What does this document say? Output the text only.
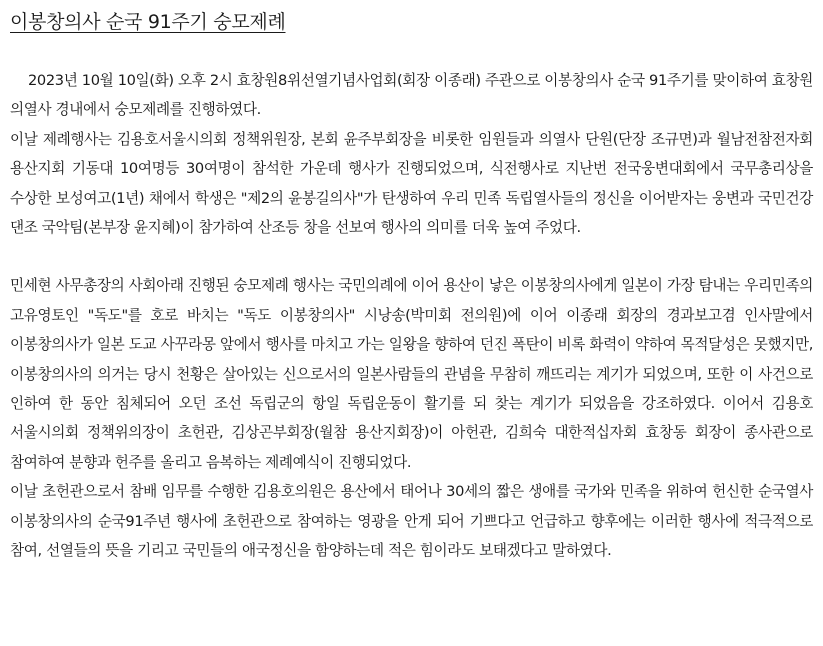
이봉창의사 순국 91주기 숭모제례

2023년 10월 10일(화) 오후 2시 효창원8위선열기념사업회(회장 이종래) 주관으로 이봉창의사 순국 91주기를 맞이하여 효창원 의열사 경내에서 숭모제례를 진행하였다.

이날 제례행사는 김용호서울시의회 정책위원장, 본회 윤주부회장을 비롯한 임원들과 의열사 단원(단장 조규면)과 월남전참전자회 용산지회 기동대 10여명등 30여명이 참석한 가운데 행사가 진행되었으며, 식전행사로 지난번 전국웅변대회에서 국무총리상을 수상한 보성여고(1년) 채에서 학생은 "제2의 윤봉길의사"가 탄생하여 우리 민족 독립열사들의 정신을 이어받자는 웅변과 국민건강 댄조 국악팀(본부장 윤지혜)이 참가하여 산조등 창을 선보여 행사의 의미를 더욱 높여 주었다.

민세현 사무총장의 사회아래 진행된 숭모제례 행사는 국민의례에 이어 용산이 낳은 이봉창의사에게 일본이 가장 탐내는 우리민족의 고유영토인 "독도"를 호로 바치는 "독도 이봉창의사" 시낭송(박미회 전의원)에 이어 이종래 회장의 경과보고겸 인사말에서 이봉창의사가 일본 도교 사꾸라몽 앞에서 행사를 마치고 가는 일왕을 향하여 던진 폭탄이 비록 화력이 약하여 목적달성은 못했지만, 이봉창의사의 의거는 당시 천황은 살아있는 신으로서의 일본사람들의 관념을 무참히 깨뜨리는 계기가 되었으며, 또한 이 사건으로 인하여 한 동안 침체되어 오던 조선 독립군의 항일 독립운동이 활기를 되 찾는 계기가 되었음을 강조하였다. 이어서 김용호 서울시의회 정책위의장이 초헌관, 김상곤부회장(월참 용산지회장)이 아헌관, 김희숙 대한적십자회 효창동 회장이 종사관으로 참여하여 분향과 헌주를 올리고 음복하는 제례예식이 진행되었다.

이날 초헌관으로서 참배 임무를 수행한 김용호의원은 용산에서 태어나 30세의 짧은 생애를 국가와 민족을 위하여 헌신한 순국열사 이봉창의사의 순국91주년 행사에 초헌관으로 참여하는 영광을 안게 되어 기쁘다고 언급하고 향후에는 이러한 행사에 적극적으로 참여, 선열들의 뜻을 기리고 국민들의 애국정신을 함양하는데 적은 힘이라도 보태겠다고 말하였다.
